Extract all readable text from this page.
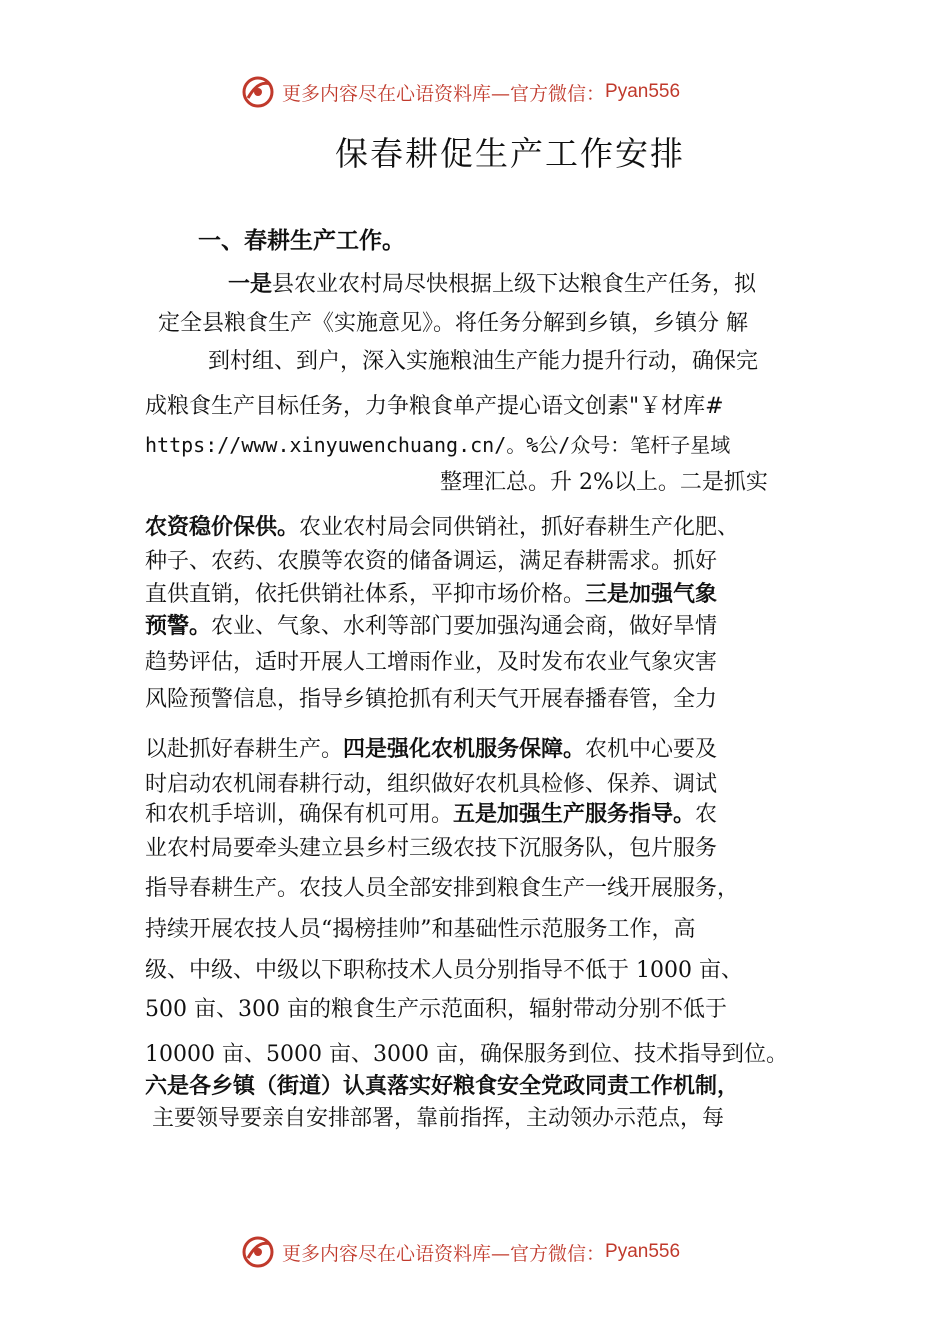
更多内容尽在心语资料库—官方微信： Pyan556
保春耕促生产工作安排
一、春耕生产工作。
一是县农业农村局尽快根据上级下达粮食生产任务，拟
定全县粮食生产《实施意见》。将任务分解到乡镇，乡镇分 解
到村组、到户，深入实施粮油生产能力提升行动，确保完
成粮食生产目标任务，力争粮食单产提心语文创素"￥材库#
https://www.xinyuwenchuang.cn/。%公/众号：笔杆子星域
整理汇总。升 2%以上。二是抓实
农资稳价保供。农业农村局会同供销社，抓好春耕生产化肥、
种子、农药、农膜等农资的储备调运，满足春耕需求。抓好
直供直销，依托供销社体系，平抑市场价格。三是加强气象
预警。农业、气象、水利等部门要加强沟通会商，做好旱情
趋势评估，适时开展人工增雨作业，及时发布农业气象灾害
风险预警信息，指导乡镇抢抓有利天气开展春播春管，全力
以赴抓好春耕生产。四是强化农机服务保障。农机中心要及
时启动农机闹春耕行动，组织做好农机具检修、保养、调试
和农机手培训，确保有机可用。五是加强生产服务指导。农
业农村局要牵头建立县乡村三级农技下沉服务队，包片服务
指导春耕生产。农技人员全部安排到粮食生产一线开展服务，
持续开展农技人员“揭榜挂帅”和基础性示范服务工作，高
级、中级、中级以下职称技术人员分别指导不低于 1000 亩、
500 亩、300 亩的粮食生产示范面积，辐射带动分别不低于
10000 亩、5000 亩、3000 亩，确保服务到位、技术指导到位。
六是各乡镇（街道）认真落实好粮食安全党政同责工作机制，
主要领导要亲自安排部署，靠前指挥，主动领办示范点，每
更多内容尽在心语资料库—官方微信： Pyan556
